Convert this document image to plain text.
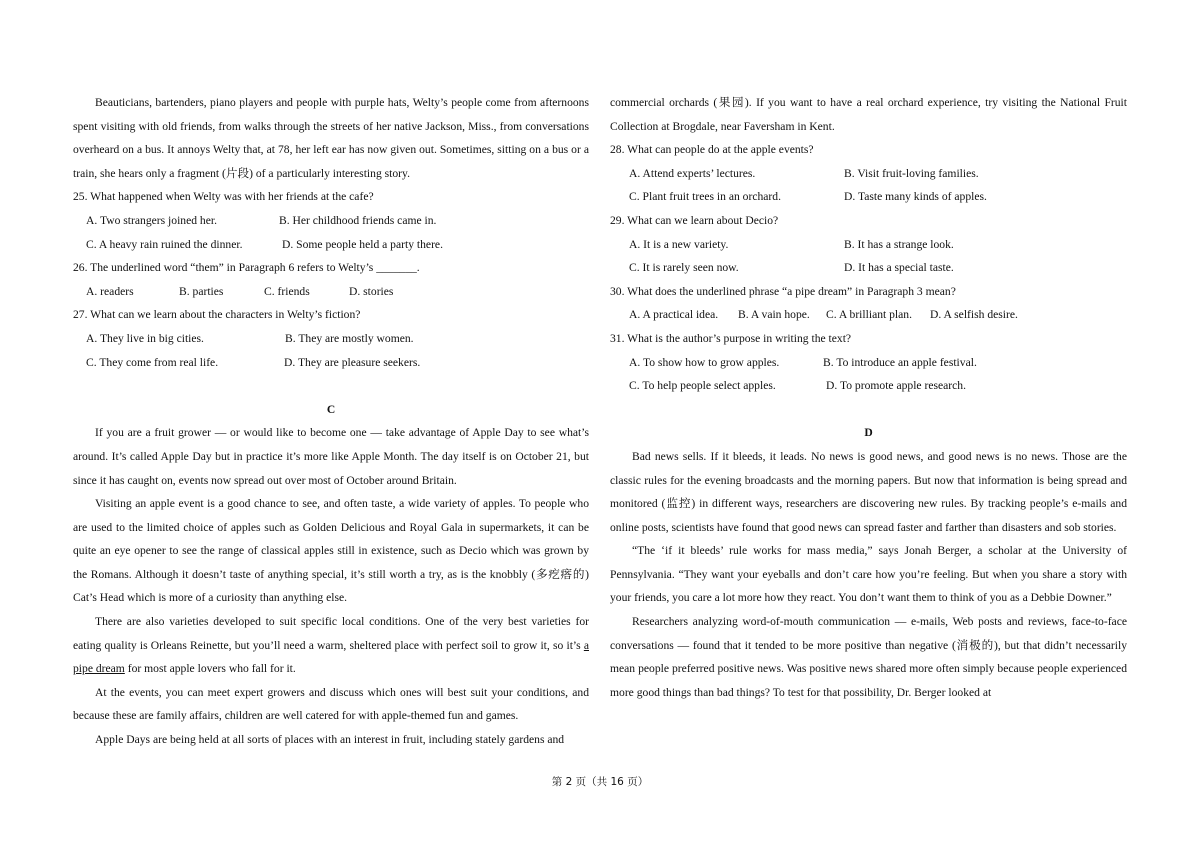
Beauticians, bartenders, piano players and people with purple hats, Welty’s people come from afternoons spent visiting with old friends, from walks through the streets of her native Jackson, Miss., from conversations overheard on a bus. It annoys Welty that, at 78, her left ear has now given out. Sometimes, sitting on a bus or a train, she hears only a fragment (片段) of a particularly interesting story.

25. What happened when Welty was with her friends at the cafe?

A. Two strangers joined her.	B. Her childhood friends came in.
C. A heavy rain ruined the dinner.	D. Some people held a party there.

26. The underlined word “them” in Paragraph 6 refers to Welty’s _______.

A. readers	B. parties	C. friends	D. stories

27. What can we learn about the characters in Welty’s fiction?

A. They live in big cities.	B. They are mostly women.
C. They come from real life.	D. They are pleasure seekers.

C

If you are a fruit grower — or would like to become one — take advantage of Apple Day to see what’s around. It’s called Apple Day but in practice it’s more like Apple Month. The day itself is on October 21, but since it has caught on, events now spread out over most of October around Britain.

Visiting an apple event is a good chance to see, and often taste, a wide variety of apples. To people who are used to the limited choice of apples such as Golden Delicious and Royal Gala in supermarkets, it can be quite an eye opener to see the range of classical apples still in existence, such as Decio which was grown by the Romans. Although it doesn’t taste of anything special, it’s still worth a try, as is the knobbly (多疙瘩的) Cat’s Head which is more of a curiosity than anything else.

There are also varieties developed to suit specific local conditions. One of the very best varieties for eating quality is Orleans Reinette, but you’ll need a warm, sheltered place with perfect soil to grow it, so it’s a pipe dream for most apple lovers who fall for it.

At the events, you can meet expert growers and discuss which ones will best suit your conditions, and because these are family affairs, children are well catered for with apple-themed fun and games.

Apple Days are being held at all sorts of places with an interest in fruit, including stately gardens and

commercial orchards (果园). If you want to have a real orchard experience, try visiting the National Fruit Collection at Brogdale, near Faversham in Kent.

28. What can people do at the apple events?

A. Attend experts’ lectures.	B. Visit fruit-loving families.
C. Plant fruit trees in an orchard.	D. Taste many kinds of apples.

29. What can we learn about Decio?

A. It is a new variety.	B. It has a strange look.
C. It is rarely seen now.	D. It has a special taste.

30. What does the underlined phrase “a pipe dream” in Paragraph 3 mean?

A. A practical idea.	B. A vain hope.	C. A brilliant plan.	D. A selfish desire.

31. What is the author’s purpose in writing the text?

A. To show how to grow apples.	B. To introduce an apple festival.
C. To help people select apples.	D. To promote apple research.

D

Bad news sells. If it bleeds, it leads. No news is good news, and good news is no news. Those are the classic rules for the evening broadcasts and the morning papers. But now that information is being spread and monitored (监控) in different ways, researchers are discovering new rules. By tracking people’s e-mails and online posts, scientists have found that good news can spread faster and farther than disasters and sob stories.

“The ‘if it bleeds’ rule works for mass media,” says Jonah Berger, a scholar at the University of Pennsylvania. “They want your eyeballs and don’t care how you’re feeling. But when you share a story with your friends, you care a lot more how they react. You don’t want them to think of you as a Debbie Downer.”

Researchers analyzing word-of-mouth communication — e-mails, Web posts and reviews, face-to-face conversations — found that it tended to be more positive than negative (消极的), but that didn’t necessarily mean people preferred positive news. Was positive news shared more often simply because people experienced more good things than bad things? To test for that possibility, Dr. Berger looked at

第 2 页（共 16 页）
